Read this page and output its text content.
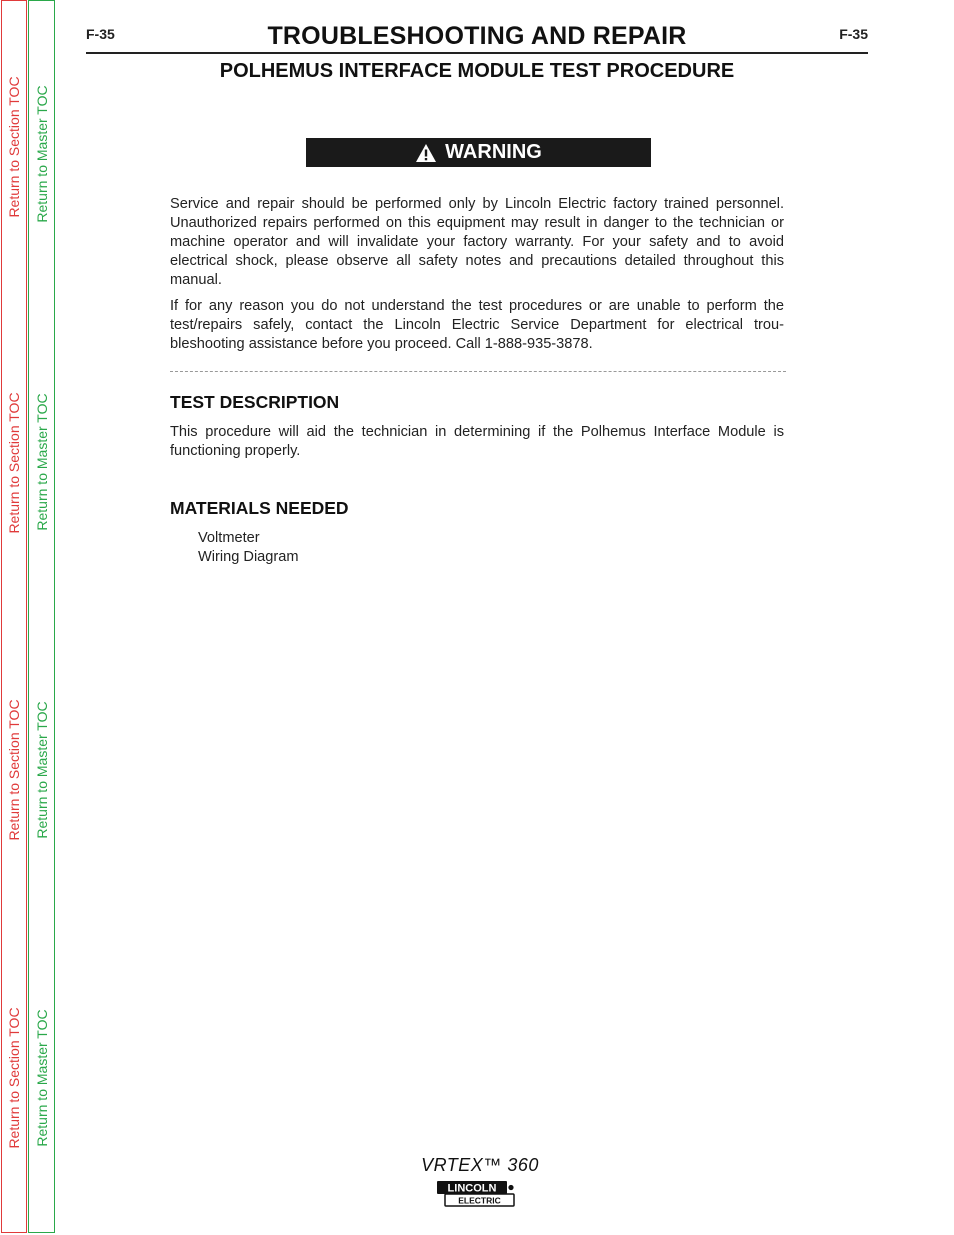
Return to Section TOC
Return to Section TOC
Return to Section TOC
Return to Section TOC
Return to Master TOC
Return to Master TOC
Return to Master TOC
Return to Master TOC
F-35	TROUBLESHOOTING AND REPAIR	F-35
POLHEMUS INTERFACE MODULE TEST PROCEDURE
WARNING

Service and repair should be performed only by Lincoln Electric factory trained personnel. Unauthorized repairs performed on this equipment may result in danger to the technician or machine operator and will invalidate your factory warranty. For your safety and to avoid electrical shock, please observe all safety notes and precautions detailed throughout this manual.

If for any reason you do not understand the test procedures or are unable to perform the test/repairs safely, contact the Lincoln Electric Service Department for electrical trou-bleshooting assistance before you proceed. Call 1-888-935-3878.

TEST DESCRIPTION

This procedure will aid the technician in determining if the Polhemus Interface Module is functioning properly.

MATERIALS NEEDED
Voltmeter
Wiring Diagram
VRTEX™ 360
LINCOLN
ELECTRIC
